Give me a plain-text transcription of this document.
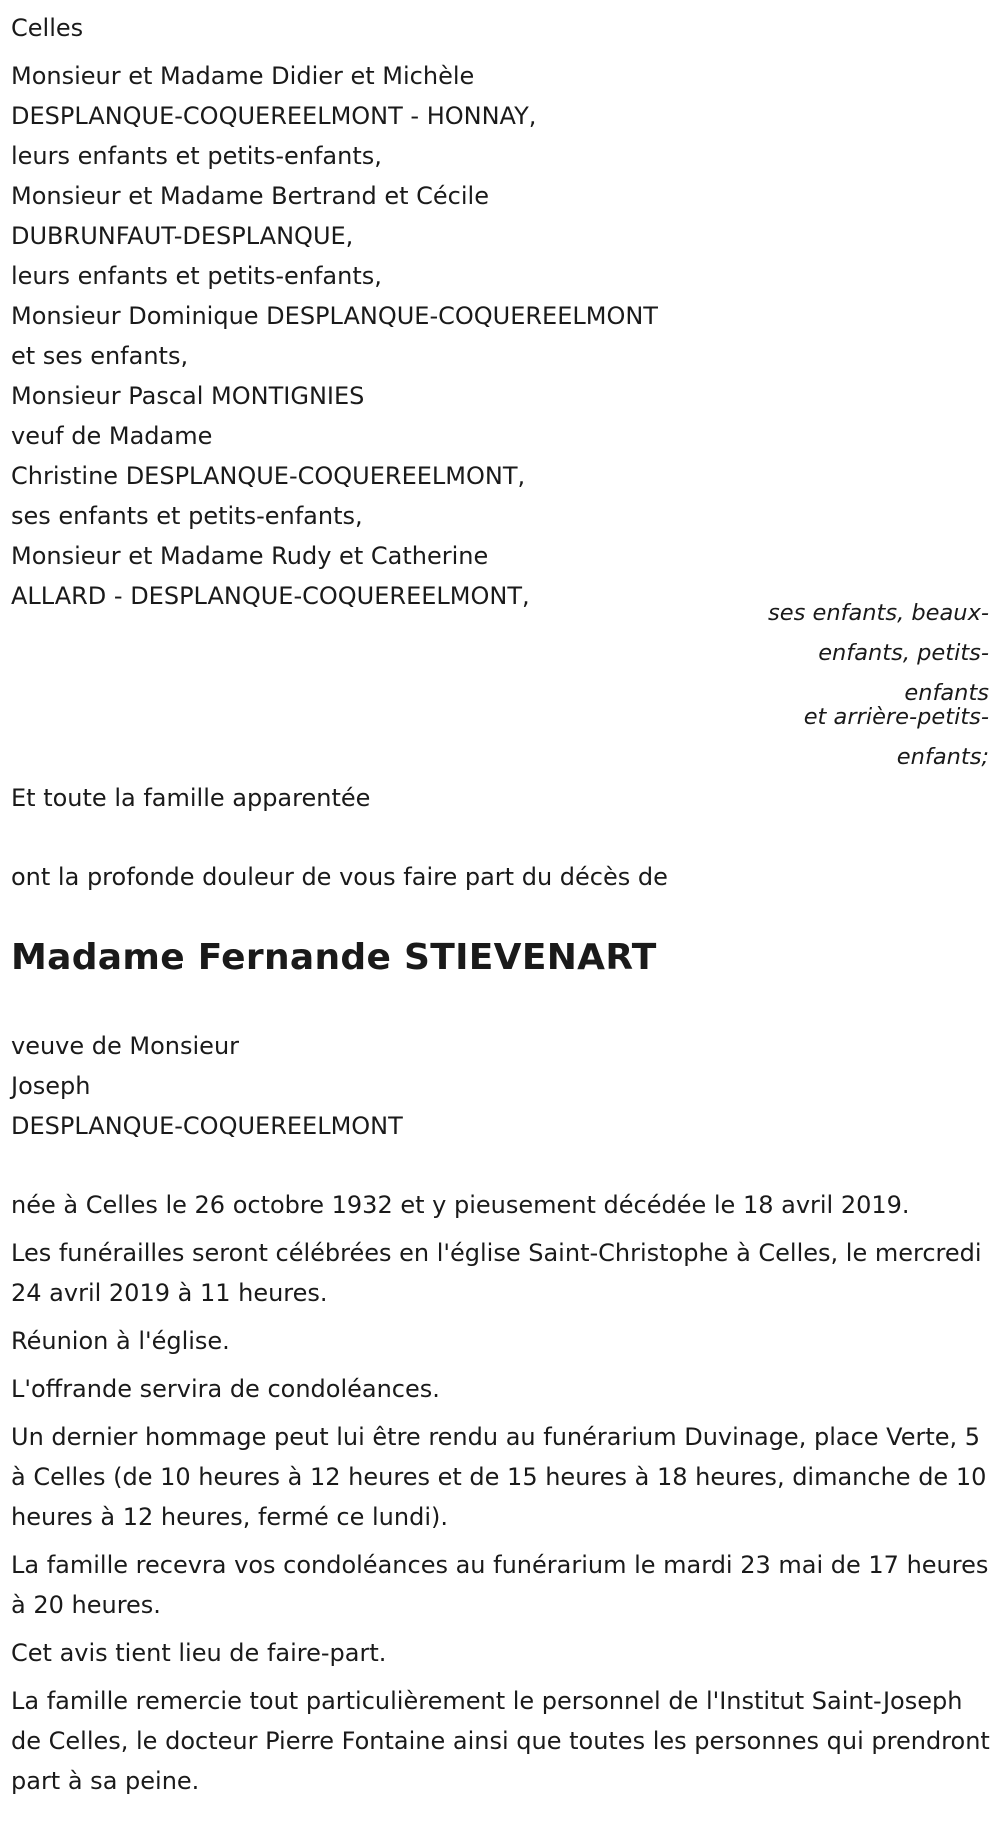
Celles
Monsieur et Madame Didier et Michèle
DESPLANQUE-COQUEREELMONT - HONNAY,
leurs enfants et petits-enfants,
Monsieur et Madame Bertrand et Cécile
DUBRUNFAUT-DESPLANQUE,
leurs enfants et petits-enfants,
Monsieur Dominique DESPLANQUE-COQUEREELMONT
et ses enfants,
Monsieur Pascal MONTIGNIES
veuf de Madame
Christine DESPLANQUE-COQUEREELMONT,
ses enfants et petits-enfants,
Monsieur et Madame Rudy et Catherine
ALLARD - DESPLANQUE-COQUEREELMONT,
ses enfants, beaux-
enfants, petits-
enfants
et arrière-petits-
enfants;
Et toute la famille apparentée
ont la profonde douleur de vous faire part du décès de
Madame Fernande STIEVENART
veuve de Monsieur
Joseph
DESPLANQUE-COQUEREELMONT

née à Celles le 26 octobre 1932 et y pieusement décédée le 18 avril 2019.

Les funérailles seront célébrées en l'église Saint-Christophe à Celles, le mercredi 24 avril 2019 à 11 heures.

Réunion à l'église.

L'offrande servira de condoléances.

Un dernier hommage peut lui être rendu au funérarium Duvinage, place Verte, 5 à Celles (de 10 heures à 12 heures et de 15 heures à 18 heures, dimanche de 10 heures à 12 heures, fermé ce lundi).

La famille recevra vos condoléances au funérarium le mardi 23 mai de 17 heures à 20 heures.

Cet avis tient lieu de faire-part.

La famille remercie tout particulièrement le personnel de l'Institut Saint-Joseph de Celles, le docteur Pierre Fontaine ainsi que toutes les personnes qui prendront part à sa peine.
